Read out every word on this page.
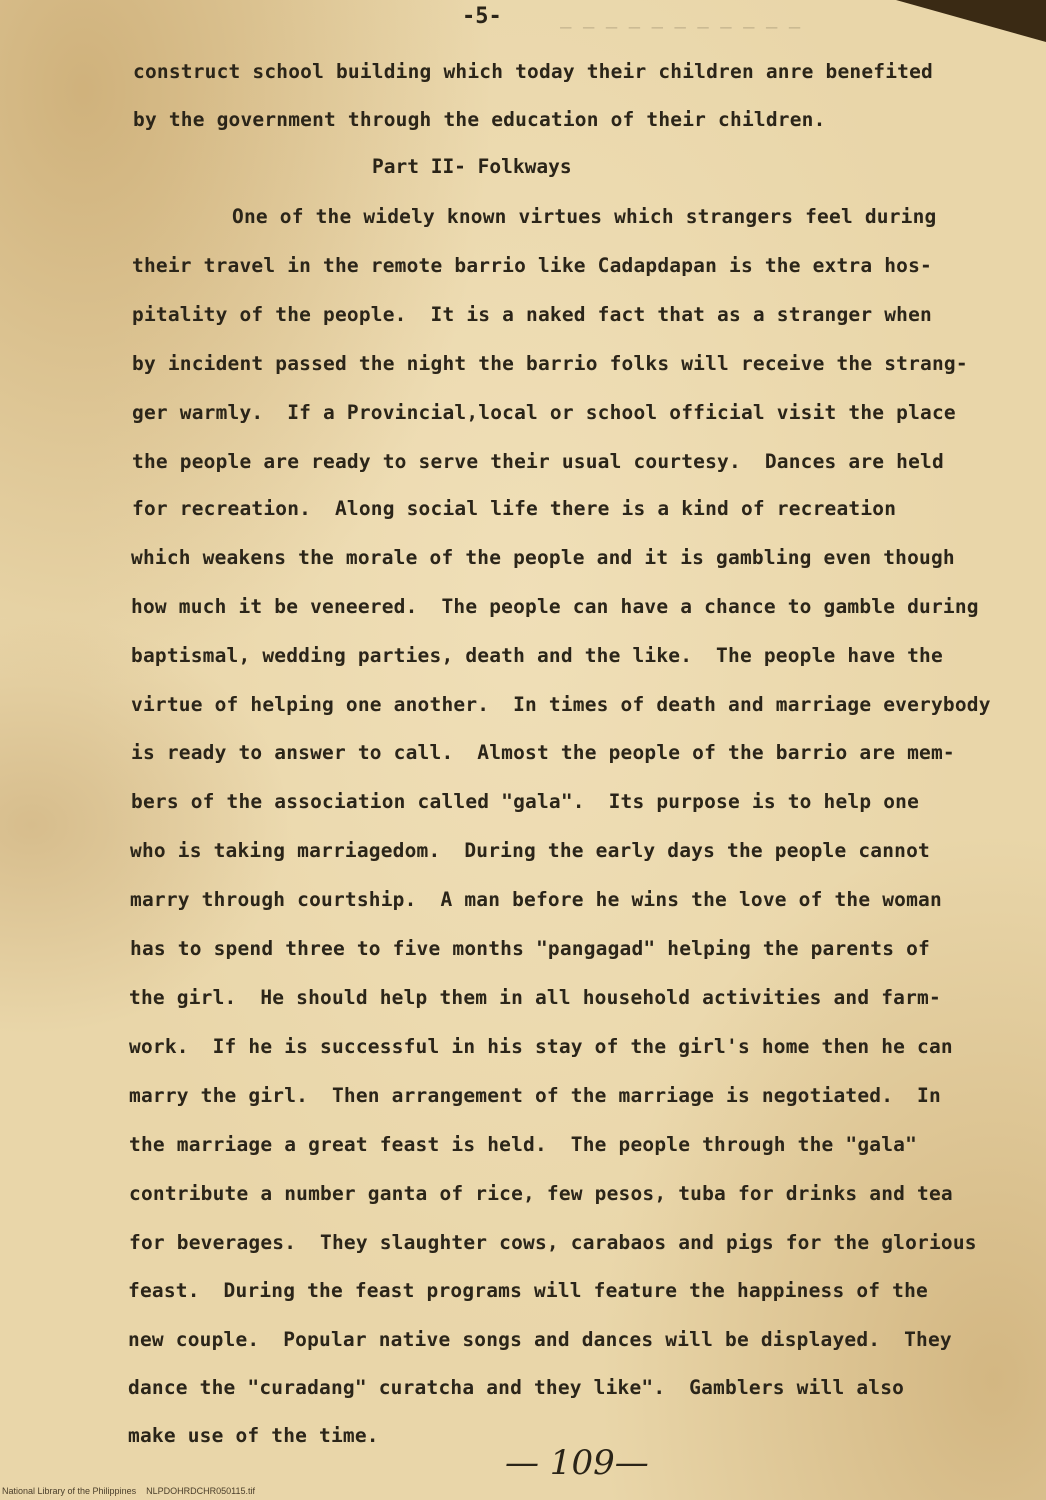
— — — — — — — — — — —
-5-
construct school building which today their children anre benefited
by the government through the education of their children.
Part II- Folkways
One of the widely known virtues which strangers feel during
their travel in the remote barrio like Cadapdapan is the extra hos-
pitality of the people.  It is a naked fact that as a stranger when
by incident passed the night the barrio folks will receive the strang-
ger warmly.  If a Provincial,local or school official visit the place
the people are ready to serve their usual courtesy.  Dances are held
for recreation.  Along social life there is a kind of recreation
which weakens the morale of the people and it is gambling even though
how much it be veneered.  The people can have a chance to gamble during
baptismal, wedding parties, death and the like.  The people have the
virtue of helping one another.  In times of death and marriage everybody
is ready to answer to call.  Almost the people of the barrio are mem-
bers of the association called "gala".  Its purpose is to help one
who is taking marriagedom.  During the early days the people cannot
marry through courtship.  A man before he wins the love of the woman
has to spend three to five months "pangagad" helping the parents of
the girl.  He should help them in all household activities and farm-
work.  If he is successful in his stay of the girl's home then he can
marry the girl.  Then arrangement of the marriage is negotiated.  In
the marriage a great feast is held.  The people through the "gala"
contribute a number ganta of rice, few pesos, tuba for drinks and tea
for beverages.  They slaughter cows, carabaos and pigs for the glorious
feast.  During the feast programs will feature the happiness of the
new couple.  Popular native songs and dances will be displayed.  They
dance the "curadang" curatcha and they like".  Gamblers will also
make use of the time.
— 109—
National Library of the Philippines    NLPDOHRDCHR050115.tif
